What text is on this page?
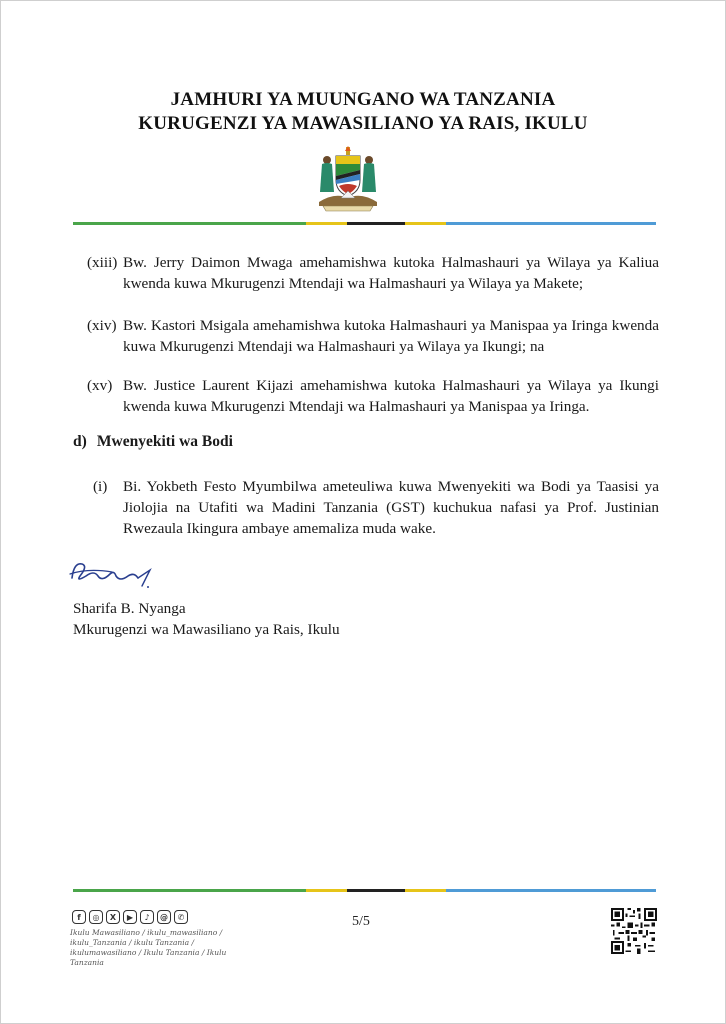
JAMHURI YA MUUNGANO WA TANZANIA
KURUGENZI YA MAWASILIANO YA RAIS, IKULU
(xiii) Bw. Jerry Daimon Mwaga amehamishwa kutoka Halmashauri ya Wilaya ya Kaliua kwenda kuwa Mkurugenzi Mtendaji wa Halmashauri ya Wilaya ya Makete;
(xiv) Bw. Kastori Msigala amehamishwa kutoka Halmashauri ya Manispaa ya Iringa kwenda kuwa Mkurugenzi Mtendaji wa Halmashauri ya Wilaya ya Ikungi; na
(xv) Bw. Justice Laurent Kijazi amehamishwa kutoka Halmashauri ya Wilaya ya Ikungi kwenda kuwa Mkurugenzi Mtendaji wa Halmashauri ya Manispaa ya Iringa.
d) Mwenyekiti wa Bodi
(i) Bi. Yokbeth Festo Myumbilwa ameteuliwa kuwa Mwenyekiti wa Bodi ya Taasisi ya Jiolojia na Utafiti wa Madini Tanzania (GST) kuchukua nafasi ya Prof. Justinian Rwezaula Ikingura ambaye amemaliza muda wake.
Sharifa B. Nyanga
Mkurugenzi wa Mawasiliano ya Rais, Ikulu
f	◎	X	▶	♪	@	✆
Ikulu Mawasiliano / ikulu_mawasiliano /
ikulu_Tanzania / ikulu Tanzania /
ikulumawasiliano / Ikulu Tanzania / Ikulu Tanzania
5/5
